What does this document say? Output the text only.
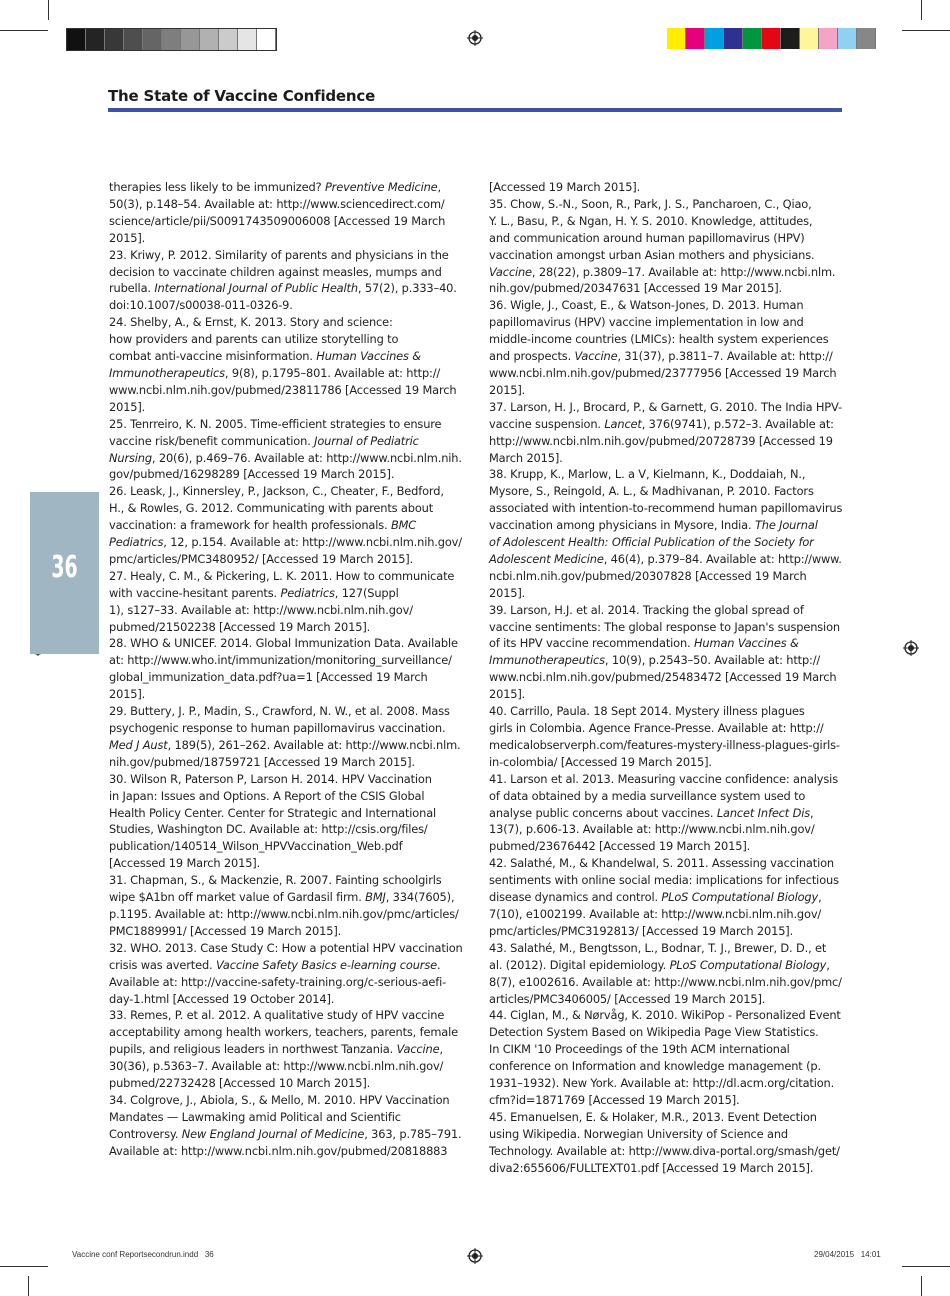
The State of Vaccine Confidence
36

therapies less likely to be immunized? Preventive Medicine,
50(3), p.148–54. Available at: http://www.sciencedirect.com/
science/article/pii/S0091743509006008 [Accessed 19 March
2015].

23. Kriwy, P. 2012. Similarity of parents and physicians in the
decision to vaccinate children against measles, mumps and
rubella. International Journal of Public Health, 57(2), p.333–40.
doi:10.1007/s00038-011-0326-9.

24. Shelby, A., & Ernst, K. 2013. Story and science:
how providers and parents can utilize storytelling to
combat anti-vaccine misinformation. Human Vaccines &
Immunotherapeutics, 9(8), p.1795–801. Available at: http://
www.ncbi.nlm.nih.gov/pubmed/23811786 [Accessed 19 March
2015].

25. Tenrreiro, K. N. 2005. Time-efficient strategies to ensure
vaccine risk/benefit communication. Journal of Pediatric
Nursing, 20(6), p.469–76. Available at: http://www.ncbi.nlm.nih.
gov/pubmed/16298289 [Accessed 19 March 2015].

26. Leask, J., Kinnersley, P., Jackson, C., Cheater, F., Bedford,
H., & Rowles, G. 2012. Communicating with parents about
vaccination: a framework for health professionals. BMC
Pediatrics, 12, p.154. Available at: http://www.ncbi.nlm.nih.gov/
pmc/articles/PMC3480952/ [Accessed 19 March 2015].

27. Healy, C. M., & Pickering, L. K. 2011. How to communicate
with vaccine-hesitant parents. Pediatrics, 127(Suppl
1), s127–33. Available at: http://www.ncbi.nlm.nih.gov/
pubmed/21502238 [Accessed 19 March 2015].

28. WHO & UNICEF. 2014. Global Immunization Data. Available
at: http://www.who.int/immunization/monitoring_surveillance/
global_immunization_data.pdf?ua=1 [Accessed 19 March
2015].

29. Buttery, J. P., Madin, S., Crawford, N. W., et al. 2008. Mass
psychogenic response to human papillomavirus vaccination.
Med J Aust, 189(5), 261–262. Available at: http://www.ncbi.nlm.
nih.gov/pubmed/18759721 [Accessed 19 March 2015].

30. Wilson R, Paterson P, Larson H. 2014. HPV Vaccination
in Japan: Issues and Options. A Report of the CSIS Global
Health Policy Center. Center for Strategic and International
Studies, Washington DC. Available at: http://csis.org/files/
publication/140514_Wilson_HPVVaccination_Web.pdf
[Accessed 19 March 2015].

31. Chapman, S., & Mackenzie, R. 2007. Fainting schoolgirls
wipe $A1bn off market value of Gardasil firm. BMJ, 334(7605),
p.1195. Available at: http://www.ncbi.nlm.nih.gov/pmc/articles/
PMC1889991/ [Accessed 19 March 2015].

32. WHO. 2013. Case Study C: How a potential HPV vaccination
crisis was averted. Vaccine Safety Basics e-learning course.
Available at: http://vaccine-safety-training.org/c-serious-aefi-
day-1.html [Accessed 19 October 2014].

33. Remes, P. et al. 2012. A qualitative study of HPV vaccine
acceptability among health workers, teachers, parents, female
pupils, and religious leaders in northwest Tanzania. Vaccine,
30(36), p.5363–7. Available at: http://www.ncbi.nlm.nih.gov/
pubmed/22732428 [Accessed 10 March 2015].

34. Colgrove, J., Abiola, S., & Mello, M. 2010. HPV Vaccination
Mandates — Lawmaking amid Political and Scientific
Controversy. New England Journal of Medicine, 363, p.785–791.
Available at: http://www.ncbi.nlm.nih.gov/pubmed/20818883

[Accessed 19 March 2015].

35. Chow, S.-N., Soon, R., Park, J. S., Pancharoen, C., Qiao,
Y. L., Basu, P., & Ngan, H. Y. S. 2010. Knowledge, attitudes,
and communication around human papillomavirus (HPV)
vaccination amongst urban Asian mothers and physicians.
Vaccine, 28(22), p.3809–17. Available at: http://www.ncbi.nlm.
nih.gov/pubmed/20347631 [Accessed 19 Mar 2015].

36. Wigle, J., Coast, E., & Watson-Jones, D. 2013. Human
papillomavirus (HPV) vaccine implementation in low and
middle-income countries (LMICs): health system experiences
and prospects. Vaccine, 31(37), p.3811–7. Available at: http://
www.ncbi.nlm.nih.gov/pubmed/23777956 [Accessed 19 March
2015].

37. Larson, H. J., Brocard, P., & Garnett, G. 2010. The India HPV-
vaccine suspension. Lancet, 376(9741), p.572–3. Available at:
http://www.ncbi.nlm.nih.gov/pubmed/20728739 [Accessed 19
March 2015].

38. Krupp, K., Marlow, L. a V, Kielmann, K., Doddaiah, N.,
Mysore, S., Reingold, A. L., & Madhivanan, P. 2010. Factors
associated with intention-to-recommend human papillomavirus
vaccination among physicians in Mysore, India. The Journal
of Adolescent Health: Official Publication of the Society for
Adolescent Medicine, 46(4), p.379–84. Available at: http://www.
ncbi.nlm.nih.gov/pubmed/20307828 [Accessed 19 March 2015].

39. Larson, H.J. et al. 2014. Tracking the global spread of
vaccine sentiments: The global response to Japan's suspension
of its HPV vaccine recommendation. Human Vaccines &
Immunotherapeutics, 10(9), p.2543–50. Available at: http://
www.ncbi.nlm.nih.gov/pubmed/25483472 [Accessed 19 March
2015].

40. Carrillo, Paula. 18 Sept 2014. Mystery illness plagues
girls in Colombia. Agence France-Presse. Available at: http://
medicalobserverph.com/features-mystery-illness-plagues-girls-
in-colombia/ [Accessed 19 March 2015].

41. Larson et al. 2013. Measuring vaccine confidence: analysis
of data obtained by a media surveillance system used to
analyse public concerns about vaccines. Lancet Infect Dis,
13(7), p.606-13. Available at: http://www.ncbi.nlm.nih.gov/
pubmed/23676442 [Accessed 19 March 2015].

42. Salathé, M., & Khandelwal, S. 2011. Assessing vaccination
sentiments with online social media: implications for infectious
disease dynamics and control. PLoS Computational Biology,
7(10), e1002199. Available at: http://www.ncbi.nlm.nih.gov/
pmc/articles/PMC3192813/ [Accessed 19 March 2015].

43. Salathé, M., Bengtsson, L., Bodnar, T. J., Brewer, D. D., et
al. (2012). Digital epidemiology. PLoS Computational Biology,
8(7), e1002616. Available at: http://www.ncbi.nlm.nih.gov/pmc/
articles/PMC3406005/ [Accessed 19 March 2015].

44. Ciglan, M., & Nørvåg, K. 2010. WikiPop - Personalized Event
Detection System Based on Wikipedia Page View Statistics.
In CIKM '10 Proceedings of the 19th ACM international
conference on Information and knowledge management (p.
1931–1932). New York. Available at: http://dl.acm.org/citation.
cfm?id=1871769 [Accessed 19 March 2015].

45. Emanuelsen, E. & Holaker, M.R., 2013. Event Detection
using Wikipedia. Norwegian University of Science and
Technology. Available at: http://www.diva-portal.org/smash/get/
diva2:655606/FULLTEXT01.pdf [Accessed 19 March 2015].

Vaccine conf Reportsecondrun.indd   36	29/04/2015   14:01
